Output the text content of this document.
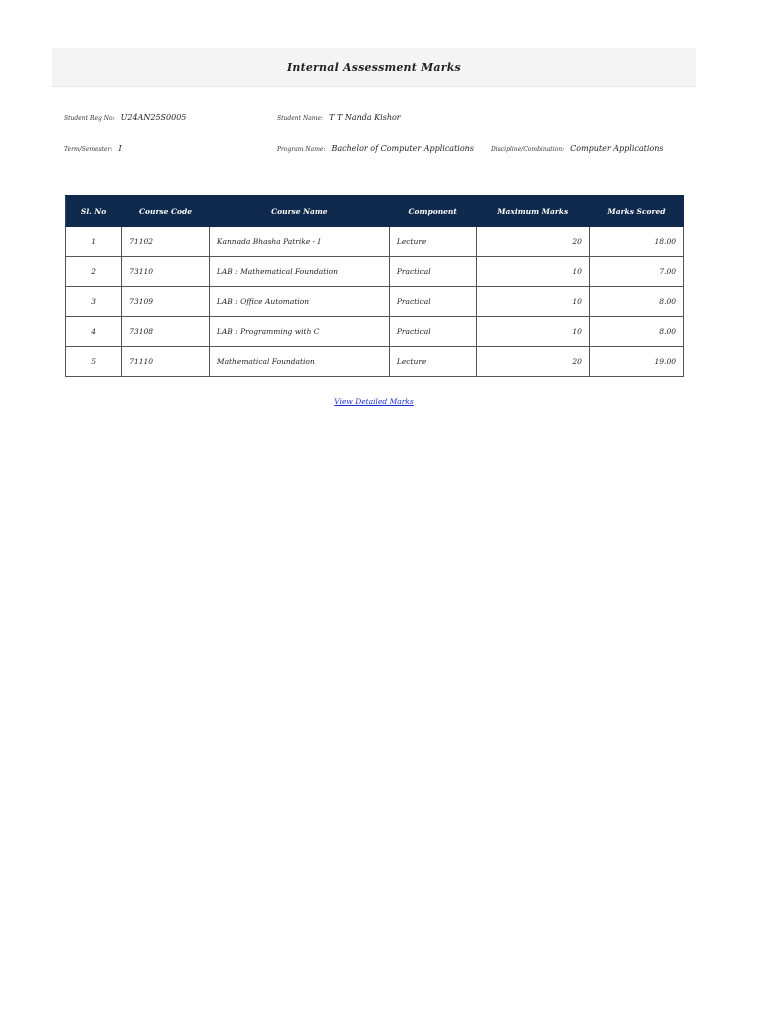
Internal Assessment Marks
Student Reg No: U24AN25S0005	Student Name: T T Nanda Kishor
Term/Semester: I	Program Name: Bachelor of Computer Applications	Discipline/Combination: Computer Applications
Sl. No	Course Code	Course Name	Component	Maximum Marks	Marks Scored
1	71102	Kannada Bhasha Patrike - I	Lecture	20	18.00
2	73110	LAB : Mathematical Foundation	Practical	10	7.00
3	73109	LAB : Office Automation	Practical	10	8.00
4	73108	LAB : Programming with C	Practical	10	8.00
5	71110	Mathematical Foundation	Lecture	20	19.00
View Detailed Marks
